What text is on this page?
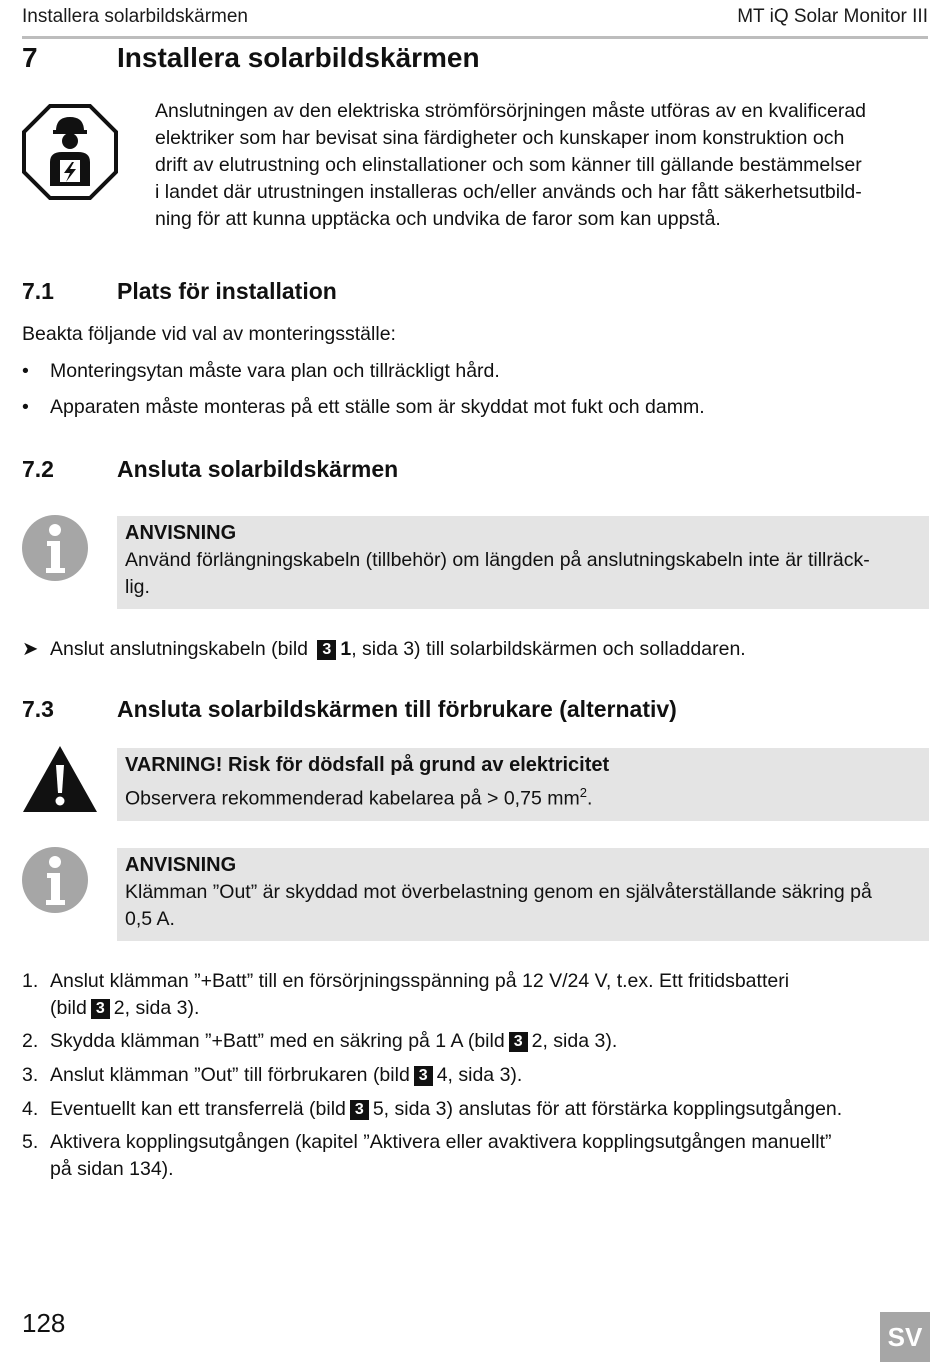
Installera solarbildskärmen	MT iQ Solar Monitor III
7	Installera solarbildskärmen
Anslutningen av den elektriska strömförsörjningen måste utföras av en kvalificerad
elektriker som har bevisat sina färdigheter och kunskaper inom konstruktion och
drift av elutrustning och elinstallationer och som känner till gällande bestämmelser
i landet där utrustningen installeras och/eller används och har fått säkerhetsutbild-
ning för att kunna upptäcka och undvika de faror som kan uppstå.
7.1	Plats för installation
Beakta följande vid val av monteringsställe:
•	Monteringsytan måste vara plan och tillräckligt hård.
•	Apparaten måste monteras på ett ställe som är skyddat mot fukt och damm.
7.2	Ansluta solarbildskärmen
ANVISNING
Använd förlängningskabeln (tillbehör) om längden på anslutningskabeln inte är tillräck-
lig.
➤ Anslut anslutningskabeln (bild 3 1, sida 3) till solarbildskärmen och solladdaren.
7.3	Ansluta solarbildskärmen till förbrukare (alternativ)
VARNING! Risk för dödsfall på grund av elektricitet
Observera rekommenderad kabelarea på > 0,75 $mm^2$.
ANVISNING
Klämman ”Out” är skyddad mot överbelastning genom en självåterställande säkring på
0,5 A.
1. Anslut klämman ”+Batt” till en försörjningsspänning på 12 V/24 V, t.ex. Ett fritidsbatteri
(bild 3 2, sida 3).
2. Skydda klämman ”+Batt” med en säkring på 1 A (bild 3 2, sida 3).
3. Anslut klämman ”Out” till förbrukaren (bild 3 4, sida 3).
4. Eventuellt kan ett transferrelä (bild 3 5, sida 3) anslutas för att förstärka kopplingsutgången.
5. Aktivera kopplingsutgången (kapitel ”Aktivera eller avaktivera kopplingsutgången manuellt”
på sidan 134).
128	SV
